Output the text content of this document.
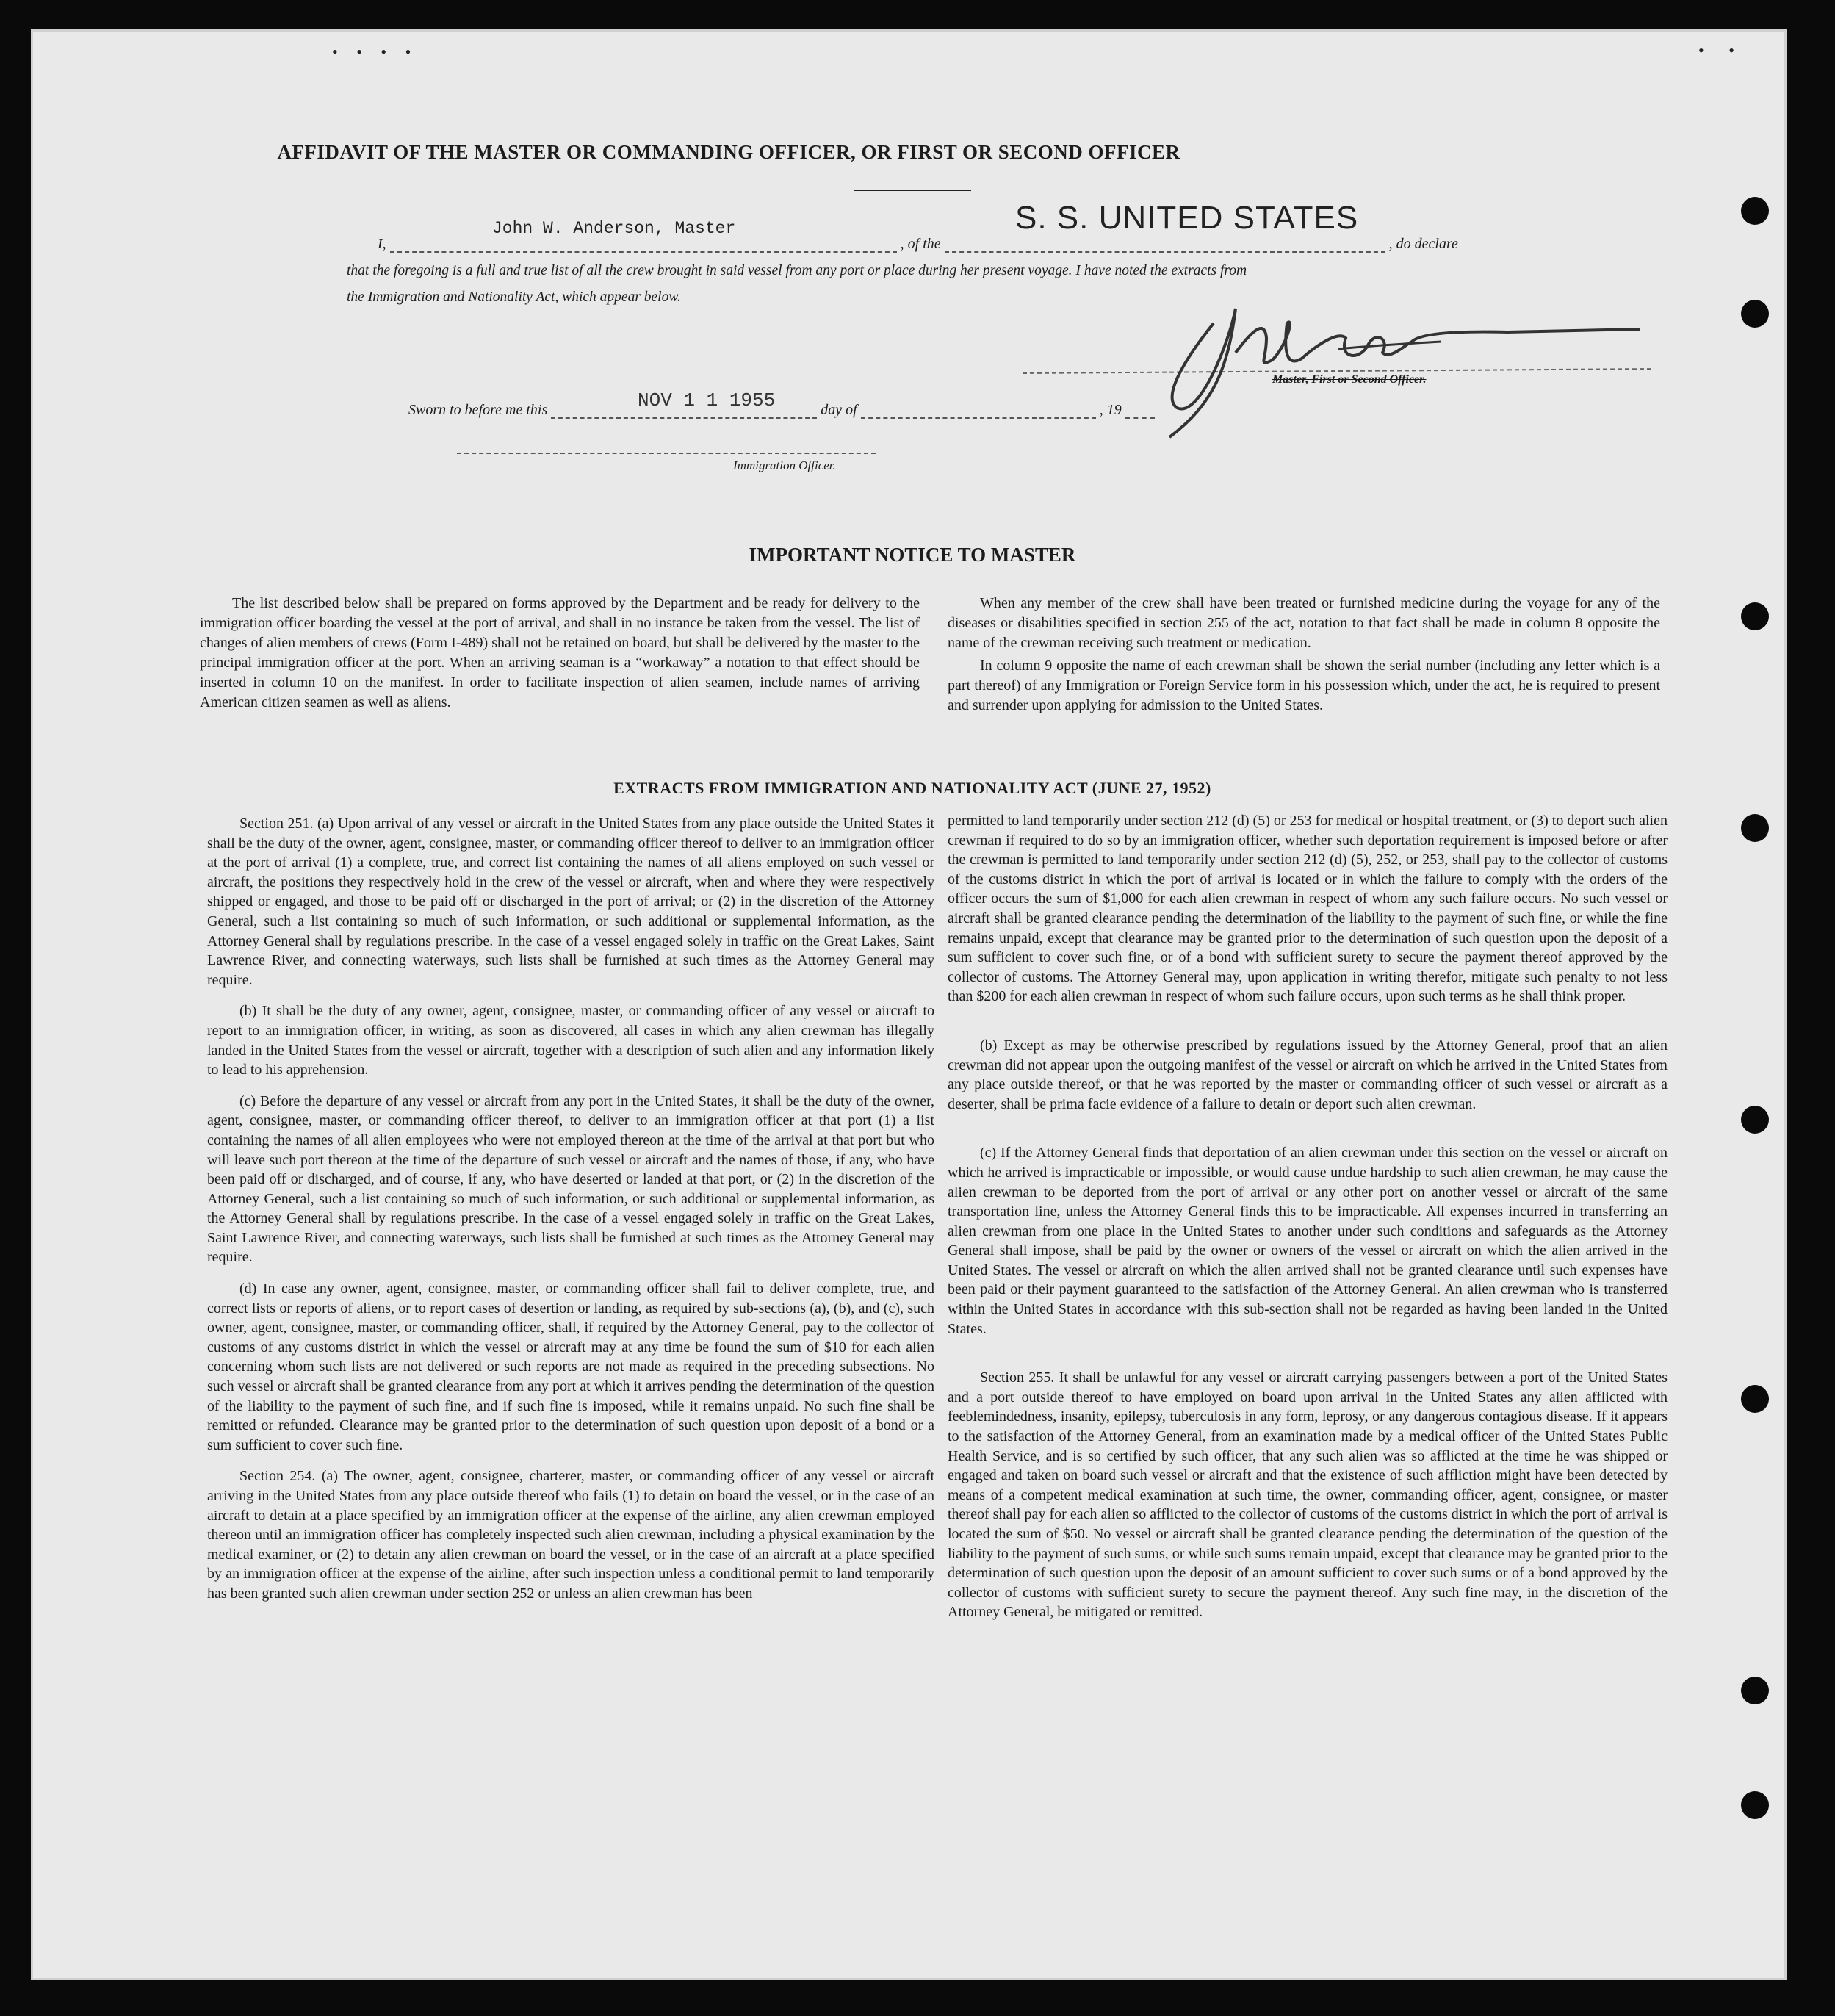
• • • •	• •
AFFIDAVIT OF THE MASTER OR COMMANDING OFFICER, OR FIRST OR SECOND OFFICER
John W. Anderson, Master	S. S. UNITED STATES
I,	, of the	, do declare
that the foregoing is a full and true list of all the crew brought in said vessel from any port or place during her present voyage. I have noted the extracts from
the Immigration and Nationality Act, which appear below.
Master, First or Second Officer.
NOV 1 1 1955
Sworn to before me this	day of	, 19
Immigration Officer.
IMPORTANT NOTICE TO MASTER

The list described below shall be prepared on forms approved by the Department and be ready for delivery to the immigration officer boarding the vessel at the port of arrival, and shall in no instance be taken from the vessel. The list of changes of alien members of crews (Form I-489) shall not be retained on board, but shall be delivered by the master to the principal immigration officer at the port. When an arriving seaman is a “workaway” a notation to that effect should be inserted in column 10 on the manifest. In order to facilitate inspection of alien seamen, include names of arriving American citizen seamen as well as aliens.

When any member of the crew shall have been treated or furnished medicine during the voyage for any of the diseases or disabilities specified in section 255 of the act, notation to that fact shall be made in column 8 opposite the name of the crewman receiving such treatment or medication.

In column 9 opposite the name of each crewman shall be shown the serial number (including any letter which is a part thereof) of any Immigration or Foreign Service form in his possession which, under the act, he is required to present and surrender upon applying for admission to the United States.

EXTRACTS FROM IMMIGRATION AND NATIONALITY ACT (JUNE 27, 1952)

Section 251. (a) Upon arrival of any vessel or aircraft in the United States from any place outside the United States it shall be the duty of the owner, agent, consignee, master, or commanding officer thereof to deliver to an immigration officer at the port of arrival (1) a complete, true, and correct list containing the names of all aliens employed on such vessel or aircraft, the positions they respectively hold in the crew of the vessel or aircraft, when and where they were respectively shipped or engaged, and those to be paid off or discharged in the port of arrival; or (2) in the discretion of the Attorney General, such a list containing so much of such information, or such additional or supplemental information, as the Attorney General shall by regulations prescribe. In the case of a vessel engaged solely in traffic on the Great Lakes, Saint Lawrence River, and connecting waterways, such lists shall be furnished at such times as the Attorney General may require.

(b) It shall be the duty of any owner, agent, consignee, master, or commanding officer of any vessel or aircraft to report to an immigration officer, in writing, as soon as discovered, all cases in which any alien crewman has illegally landed in the United States from the vessel or aircraft, together with a description of such alien and any information likely to lead to his apprehension.

(c) Before the departure of any vessel or aircraft from any port in the United States, it shall be the duty of the owner, agent, consignee, master, or commanding officer thereof, to deliver to an immigration officer at that port (1) a list containing the names of all alien employees who were not employed thereon at the time of the arrival at that port but who will leave such port thereon at the time of the departure of such vessel or aircraft and the names of those, if any, who have been paid off or discharged, and of course, if any, who have deserted or landed at that port, or (2) in the discretion of the Attorney General, such a list containing so much of such information, or such additional or supplemental information, as the Attorney General shall by regulations prescribe. In the case of a vessel engaged solely in traffic on the Great Lakes, Saint Lawrence River, and connecting waterways, such lists shall be furnished at such times as the Attorney General may require.

(d) In case any owner, agent, consignee, master, or commanding officer shall fail to deliver complete, true, and correct lists or reports of aliens, or to report cases of desertion or landing, as required by sub-sections (a), (b), and (c), such owner, agent, consignee, master, or commanding officer, shall, if required by the Attorney General, pay to the collector of customs of any customs district in which the vessel or aircraft may at any time be found the sum of $10 for each alien concerning whom such lists are not delivered or such reports are not made as required in the preceding subsections. No such vessel or aircraft shall be granted clearance from any port at which it arrives pending the determination of the question of the liability to the payment of such fine, and if such fine is imposed, while it remains unpaid. No such fine shall be remitted or refunded. Clearance may be granted prior to the determination of such question upon deposit of a bond or a sum sufficient to cover such fine.

Section 254. (a) The owner, agent, consignee, charterer, master, or commanding officer of any vessel or aircraft arriving in the United States from any place outside thereof who fails (1) to detain on board the vessel, or in the case of an aircraft to detain at a place specified by an immigration officer at the expense of the airline, any alien crewman employed thereon until an immigration officer has completely inspected such alien crewman, including a physical examination by the medical examiner, or (2) to detain any alien crewman on board the vessel, or in the case of an aircraft at a place specified by an immigration officer at the expense of the airline, after such inspection unless a conditional permit to land temporarily has been granted such alien crewman under section 252 or unless an alien crewman has been

permitted to land temporarily under section 212 (d) (5) or 253 for medical or hospital treatment, or (3) to deport such alien crewman if required to do so by an immigration officer, whether such deportation requirement is imposed before or after the crewman is permitted to land temporarily under section 212 (d) (5), 252, or 253, shall pay to the collector of customs of the customs district in which the port of arrival is located or in which the failure to comply with the orders of the officer occurs the sum of $1,000 for each alien crewman in respect of whom any such failure occurs. No such vessel or aircraft shall be granted clearance pending the determination of the liability to the payment of such fine, or while the fine remains unpaid, except that clearance may be granted prior to the determination of such question upon the deposit of a sum sufficient to cover such fine, or of a bond with sufficient surety to secure the payment thereof approved by the collector of customs. The Attorney General may, upon application in writing therefor, mitigate such penalty to not less than $200 for each alien crewman in respect of whom such failure occurs, upon such terms as he shall think proper.

(b) Except as may be otherwise prescribed by regulations issued by the Attorney General, proof that an alien crewman did not appear upon the outgoing manifest of the vessel or aircraft on which he arrived in the United States from any place outside thereof, or that he was reported by the master or commanding officer of such vessel or aircraft as a deserter, shall be prima facie evidence of a failure to detain or deport such alien crewman.

(c) If the Attorney General finds that deportation of an alien crewman under this section on the vessel or aircraft on which he arrived is impracticable or impossible, or would cause undue hardship to such alien crewman, he may cause the alien crewman to be deported from the port of arrival or any other port on another vessel or aircraft of the same transportation line, unless the Attorney General finds this to be impracticable. All expenses incurred in transferring an alien crewman from one place in the United States to another under such conditions and safeguards as the Attorney General shall impose, shall be paid by the owner or owners of the vessel or aircraft on which the alien arrived in the United States. The vessel or aircraft on which the alien arrived shall not be granted clearance until such expenses have been paid or their payment guaranteed to the satisfaction of the Attorney General. An alien crewman who is transferred within the United States in accordance with this sub-section shall not be regarded as having been landed in the United States.

Section 255. It shall be unlawful for any vessel or aircraft carrying passengers between a port of the United States and a port outside thereof to have employed on board upon arrival in the United States any alien afflicted with feeblemindedness, insanity, epilepsy, tuberculosis in any form, leprosy, or any dangerous contagious disease. If it appears to the satisfaction of the Attorney General, from an examination made by a medical officer of the United States Public Health Service, and is so certified by such officer, that any such alien was so afflicted at the time he was shipped or engaged and taken on board such vessel or aircraft and that the existence of such affliction might have been detected by means of a competent medical examination at such time, the owner, commanding officer, agent, consignee, or master thereof shall pay for each alien so afflicted to the collector of customs of the customs district in which the port of arrival is located the sum of $50. No vessel or aircraft shall be granted clearance pending the determination of the question of the liability to the payment of such sums, or while such sums remain unpaid, except that clearance may be granted prior to the determination of such question upon the deposit of an amount sufficient to cover such sums or of a bond approved by the collector of customs with sufficient surety to secure the payment thereof. Any such fine may, in the discretion of the Attorney General, be mitigated or remitted.
